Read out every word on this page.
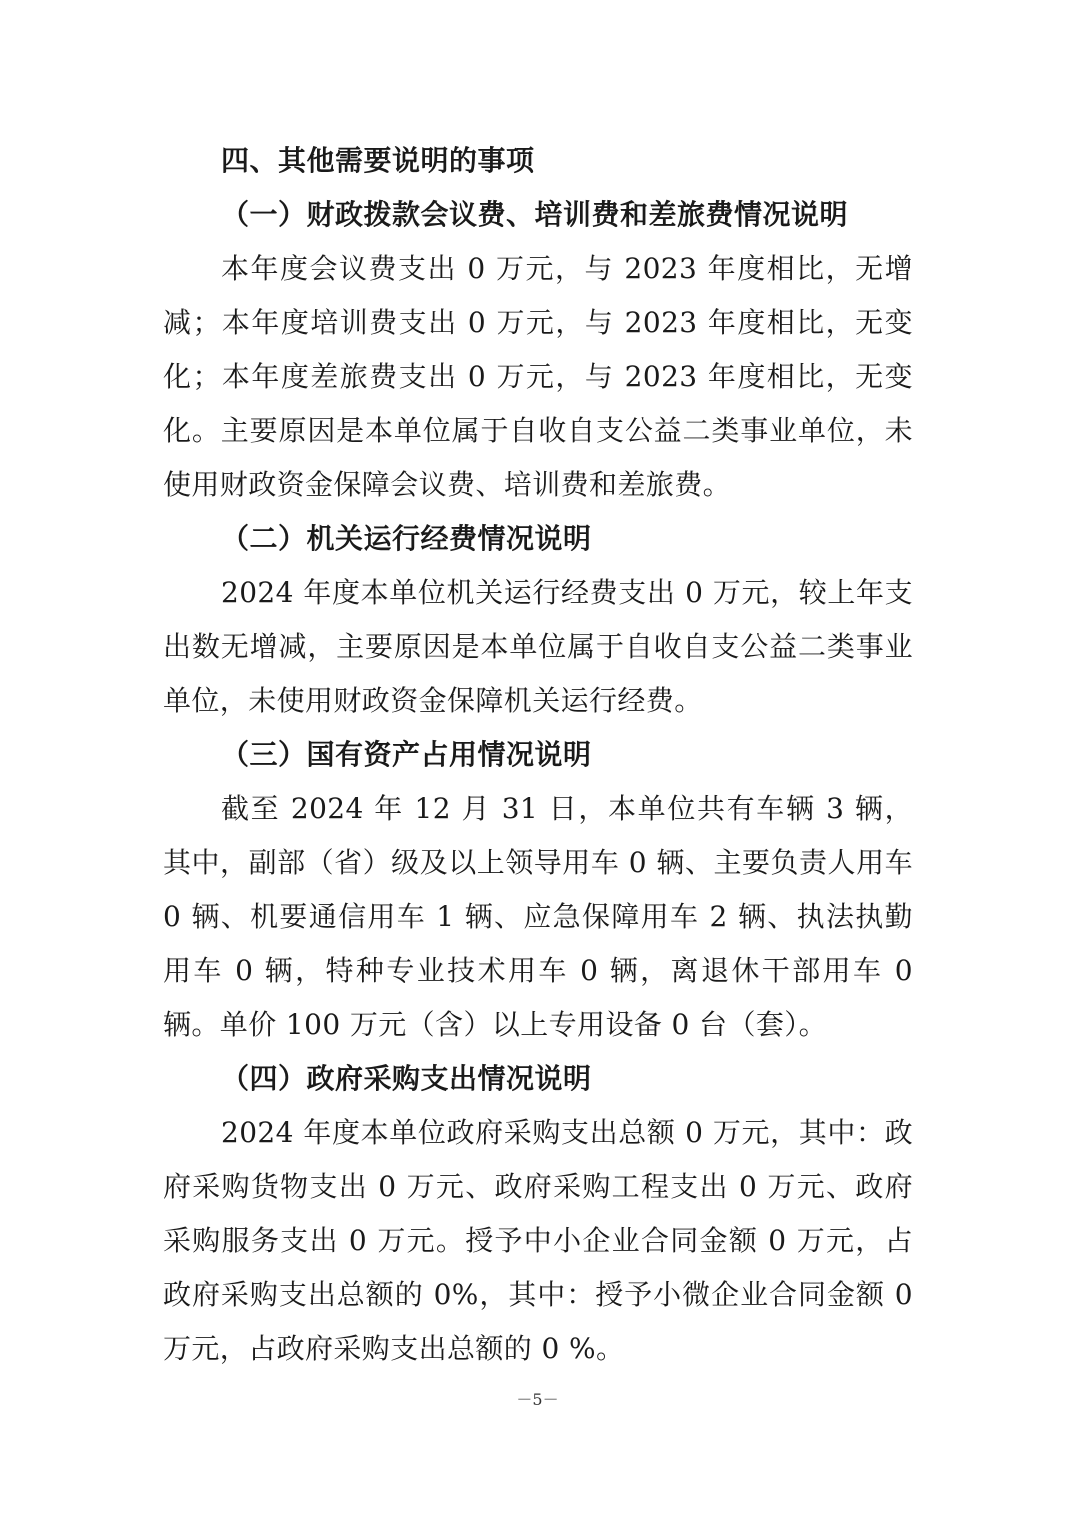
四、其他需要说明的事项
（一）财政拨款会议费、培训费和差旅费情况说明

本年度会议费支出 0 万元，与 2023 年度相比，无增减；本年度培训费支出 0 万元，与 2023 年度相比，无变化；本年度差旅费支出 0 万元，与 2023 年度相比，无变化。主要原因是本单位属于自收自支公益二类事业单位，未使用财政资金保障会议费、培训费和差旅费。

（二）机关运行经费情况说明

2024 年度本单位机关运行经费支出 0 万元，较上年支出数无增减，主要原因是本单位属于自收自支公益二类事业单位，未使用财政资金保障机关运行经费。

（三）国有资产占用情况说明

截至 2024 年 12 月 31 日，本单位共有车辆 3 辆，其中，副部（省）级及以上领导用车 0 辆、主要负责人用车 0 辆、机要通信用车 1 辆、应急保障用车 2 辆、执法执勤用车 0 辆，特种专业技术用车 0 辆，离退休干部用车 0 辆。单价 100 万元（含）以上专用设备 0 台（套）。

（四）政府采购支出情况说明

2024 年度本单位政府采购支出总额 0 万元，其中：政府采购货物支出 0 万元、政府采购工程支出 0 万元、政府采购服务支出 0 万元。授予中小企业合同金额 0 万元，占政府采购支出总额的 0%，其中：授予小微企业合同金额 0 万元，占政府采购支出总额的 0 %。

－5－
